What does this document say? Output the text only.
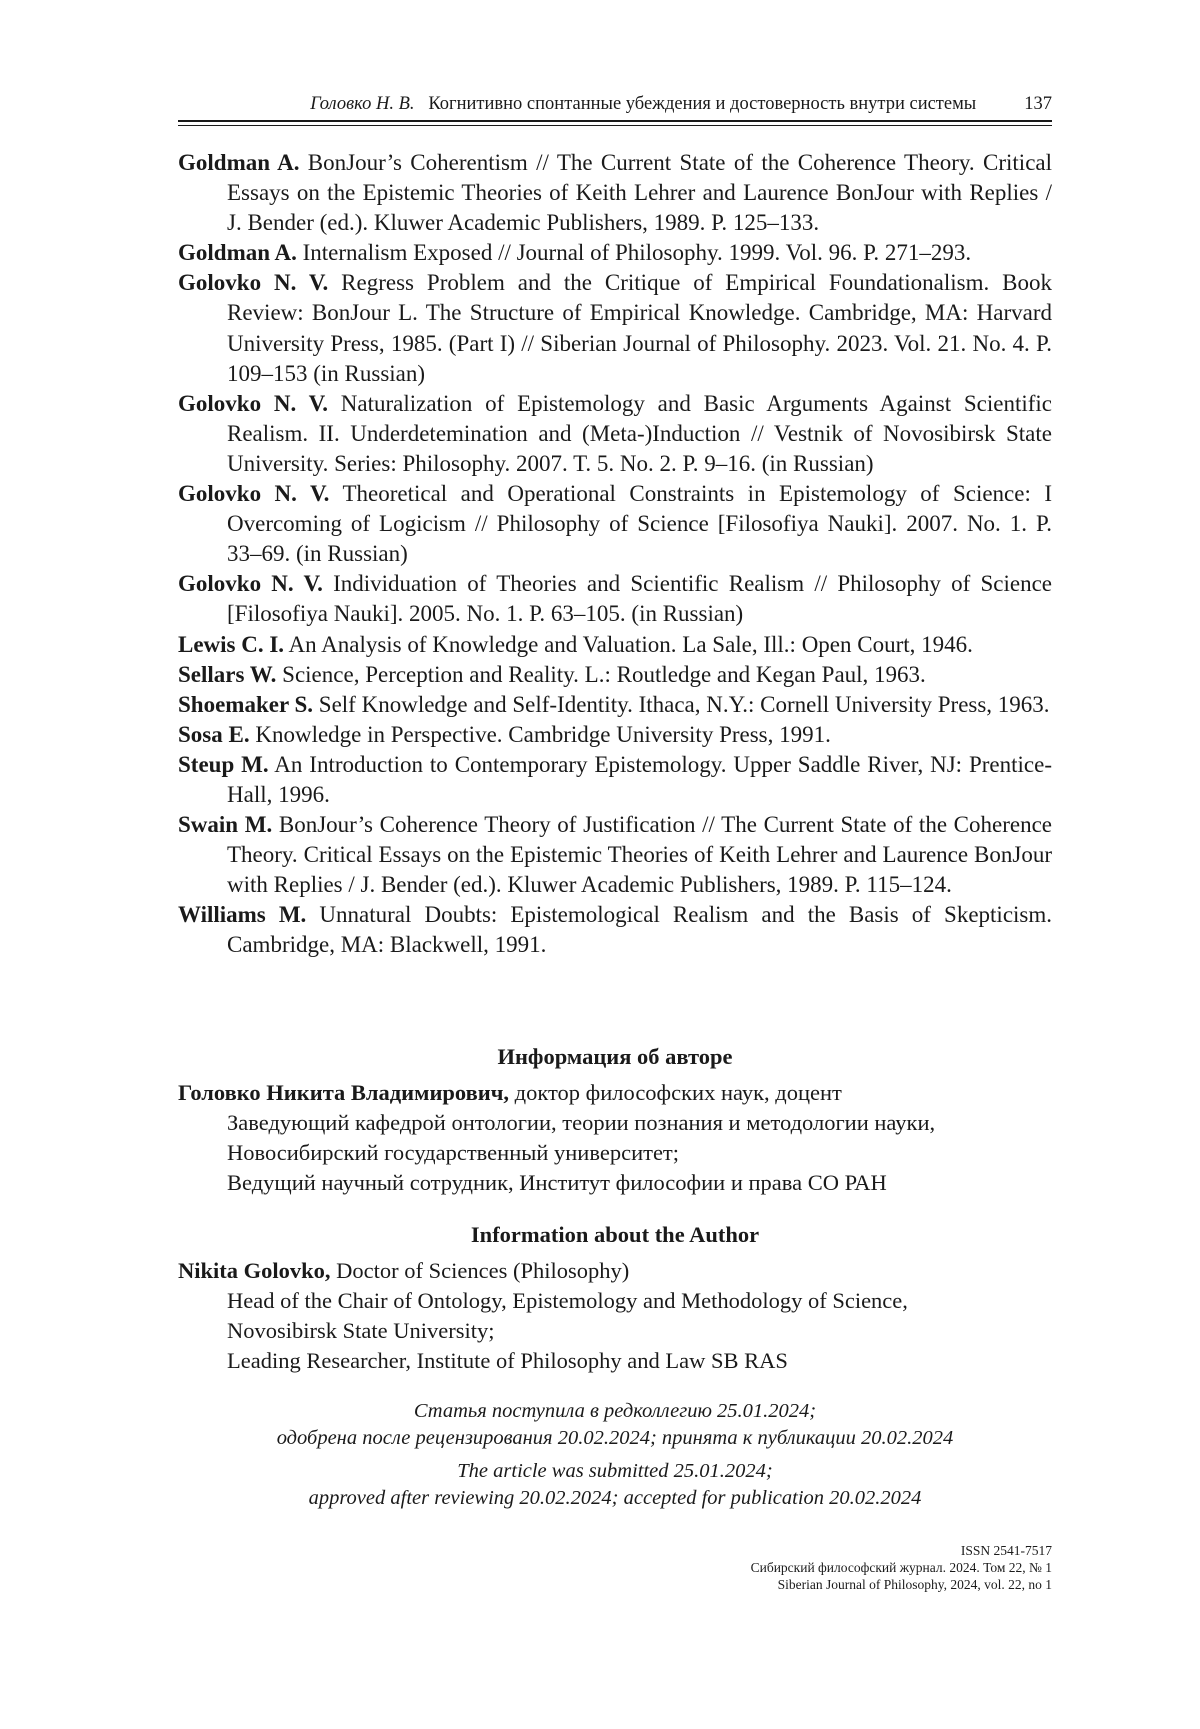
Головко Н. В. Когнитивно спонтанные убеждения и достоверность внутри системы	137

Goldman A. BonJour’s Coherentism // The Current State of the Coherence Theory. Critical Essays on the Epistemic Theories of Keith Lehrer and Laurence BonJour with Replies / J. Bender (ed.). Kluwer Academic Publishers, 1989. P. 125–133.

Goldman A. Internalism Exposed // Journal of Philosophy. 1999. Vol. 96. P. 271–293.

Golovko N. V. Regress Problem and the Critique of Empirical Foundationalism. Book Review: BonJour L. The Structure of Empirical Knowledge. Cambridge, MA: Harvard University Press, 1985. (Part I) // Siberian Journal of Philosophy. 2023. Vol. 21. No. 4. P. 109–153 (in Russian)

Golovko N. V. Naturalization of Epistemology and Basic Arguments Against Scientific Realism. II. Underdetemination and (Meta-)Induction // Vestnik of Novosibirsk State University. Series: Philosophy. 2007. T. 5. No. 2. P. 9–16. (in Russian)

Golovko N. V. Theoretical and Operational Constraints in Epistemology of Science: I Overcoming of Logicism // Philosophy of Science [Filosofiya Nauki]. 2007. No. 1. P. 33–69. (in Russian)

Golovko N. V. Individuation of Theories and Scientific Realism // Philosophy of Science [Filosofiya Nauki]. 2005. No. 1. P. 63–105. (in Russian)

Lewis C. I. An Analysis of Knowledge and Valuation. La Sale, Ill.: Open Court, 1946.

Sellars W. Science, Perception and Reality. L.: Routledge and Kegan Paul, 1963.

Shoemaker S. Self Knowledge and Self-Identity. Ithaca, N.Y.: Cornell University Press, 1963.

Sosa E. Knowledge in Perspective. Cambridge University Press, 1991.

Steup M. An Introduction to Contemporary Epistemology. Upper Saddle River, NJ: Prentice-Hall, 1996.

Swain M. BonJour’s Coherence Theory of Justification // The Current State of the Coherence Theory. Critical Essays on the Epistemic Theories of Keith Lehrer and Laurence BonJour with Replies / J. Bender (ed.). Kluwer Academic Publishers, 1989. P. 115–124.

Williams M. Unnatural Doubts: Epistemological Realism and the Basis of Skepticism. Cambridge, MA: Blackwell, 1991.

Информация об авторе

Головко Никита Владимирович, доктор философских наук, доцент

Заведующий кафедрой онтологии, теории познания и методологии науки,

Новосибирский государственный университет;

Ведущий научный сотрудник, Институт философии и права СО РАН

Information about the Author

Nikita Golovko, Doctor of Sciences (Philosophy)

Head of the Chair of Ontology, Epistemology and Methodology of Science,

Novosibirsk State University;

Leading Researcher, Institute of Philosophy and Law SB RAS

Статья поступила в редколлегию 25.01.2024;

одобрена после рецензирования 20.02.2024; принята к публикации 20.02.2024

The article was submitted 25.01.2024;

approved after reviewing 20.02.2024; accepted for publication 20.02.2024

ISSN 2541-7517

Сибирский философский журнал. 2024. Том 22, № 1

Siberian Journal of Philosophy, 2024, vol. 22, no 1
